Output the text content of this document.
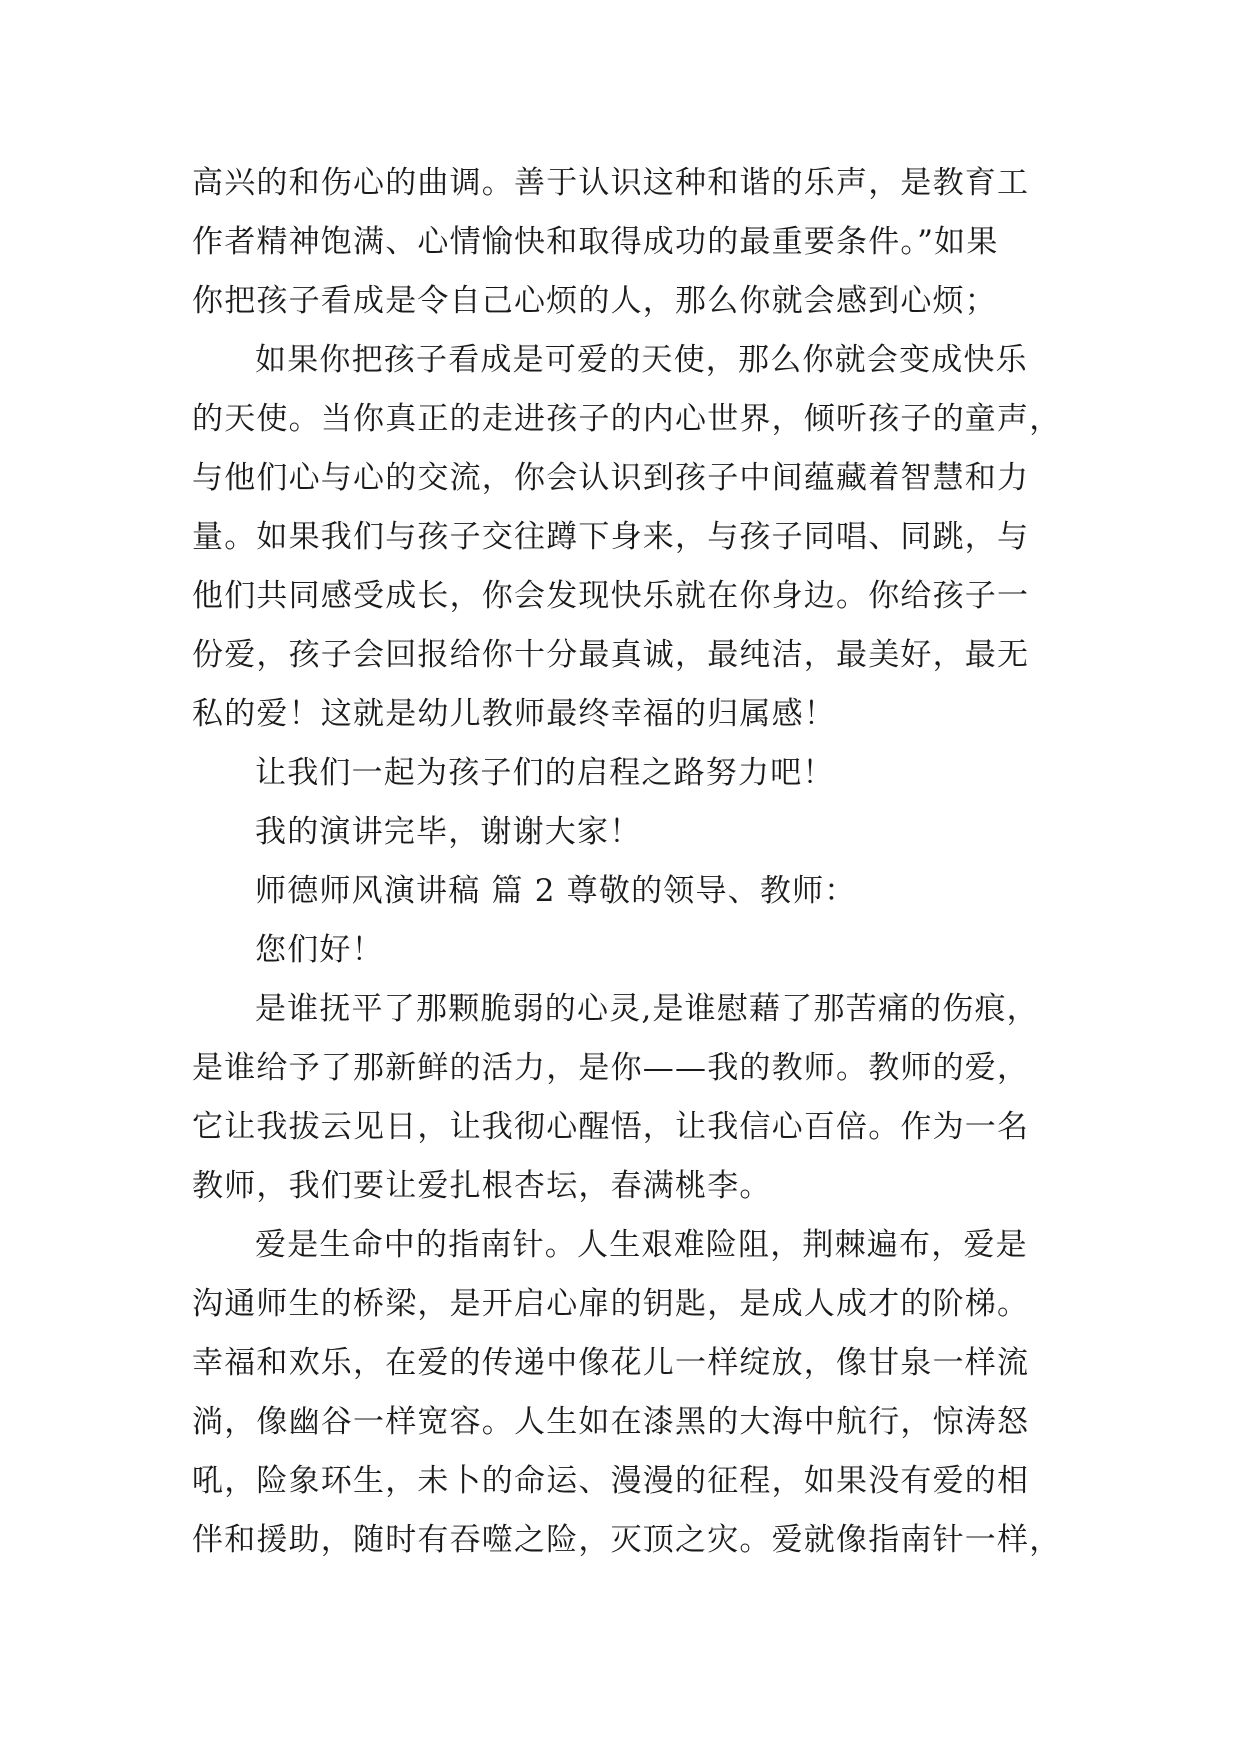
高兴的和伤心的曲调。善于认识这种和谐的乐声，是教育工
作者精神饱满、心情愉快和取得成功的最重要条件。”如果
你把孩子看成是令自己心烦的人，那么你就会感到心烦；
如果你把孩子看成是可爱的天使，那么你就会变成快乐
的天使。当你真正的走进孩子的内心世界，倾听孩子的童声，
与他们心与心的交流，你会认识到孩子中间蕴藏着智慧和力
量。如果我们与孩子交往蹲下身来，与孩子同唱、同跳，与
他们共同感受成长，你会发现快乐就在你身边。你给孩子一
份爱，孩子会回报给你十分最真诚，最纯洁，最美好，最无
私的爱！这就是幼儿教师最终幸福的归属感！
让我们一起为孩子们的启程之路努力吧！
我的演讲完毕，谢谢大家！
师德师风演讲稿 篇 2 尊敬的领导、教师：
您们好！
是谁抚平了那颗脆弱的心灵,是谁慰藉了那苦痛的伤痕，
是谁给予了那新鲜的活力，是你——我的教师。教师的爱，
它让我拔云见日，让我彻心醒悟，让我信心百倍。作为一名
教师，我们要让爱扎根杏坛，春满桃李。
爱是生命中的指南针。人生艰难险阻，荆棘遍布，爱是
沟通师生的桥梁，是开启心扉的钥匙，是成人成才的阶梯。
幸福和欢乐，在爱的传递中像花儿一样绽放，像甘泉一样流
淌，像幽谷一样宽容。人生如在漆黑的大海中航行，惊涛怒
吼，险象环生，未卜的命运、漫漫的征程，如果没有爱的相
伴和援助，随时有吞噬之险，灭顶之灾。爱就像指南针一样，
